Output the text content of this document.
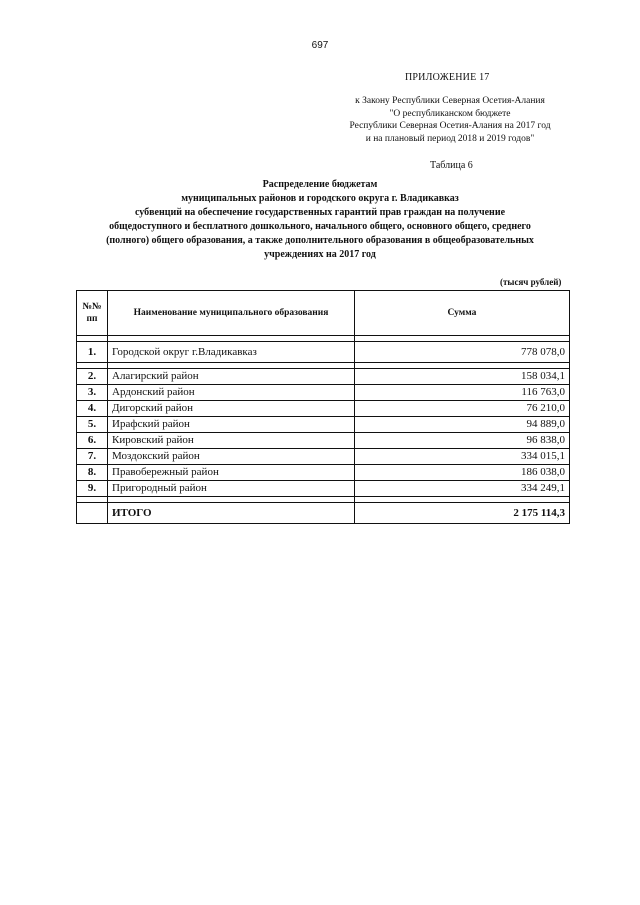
697
ПРИЛОЖЕНИЕ 17
к Закону Республики Северная Осетия-Алания
"О республиканском бюджете
Республики Северная Осетия-Алания на 2017 год
и на плановый период 2018 и 2019 годов"
Таблица 6
Распределение бюджетам
муниципальных районов и городского округа г. Владикавказ
субвенций на обеспечение государственных гарантий прав граждан на получение
общедоступного и бесплатного дошкольного, начального общего, основного общего, среднего
(полного) общего образования, а также дополнительного образования в общеобразовательных
учреждениях на 2017 год
(тысяч рублей)
№№ пп	Наименование муниципального образования	Сумма

1.	Городской округ г.Владикавказ	778 078,0

2.	Алагирский район	158 034,1
3.	Ардонский район	116 763,0
4.	Дигорский район	76 210,0
5.	Ирафский район	94 889,0
6.	Кировский район	96 838,0
7.	Моздокский район	334 015,1
8.	Правобережный район	186 038,0
9.	Пригородный район	334 249,1

	ИТОГО	2 175 114,3
